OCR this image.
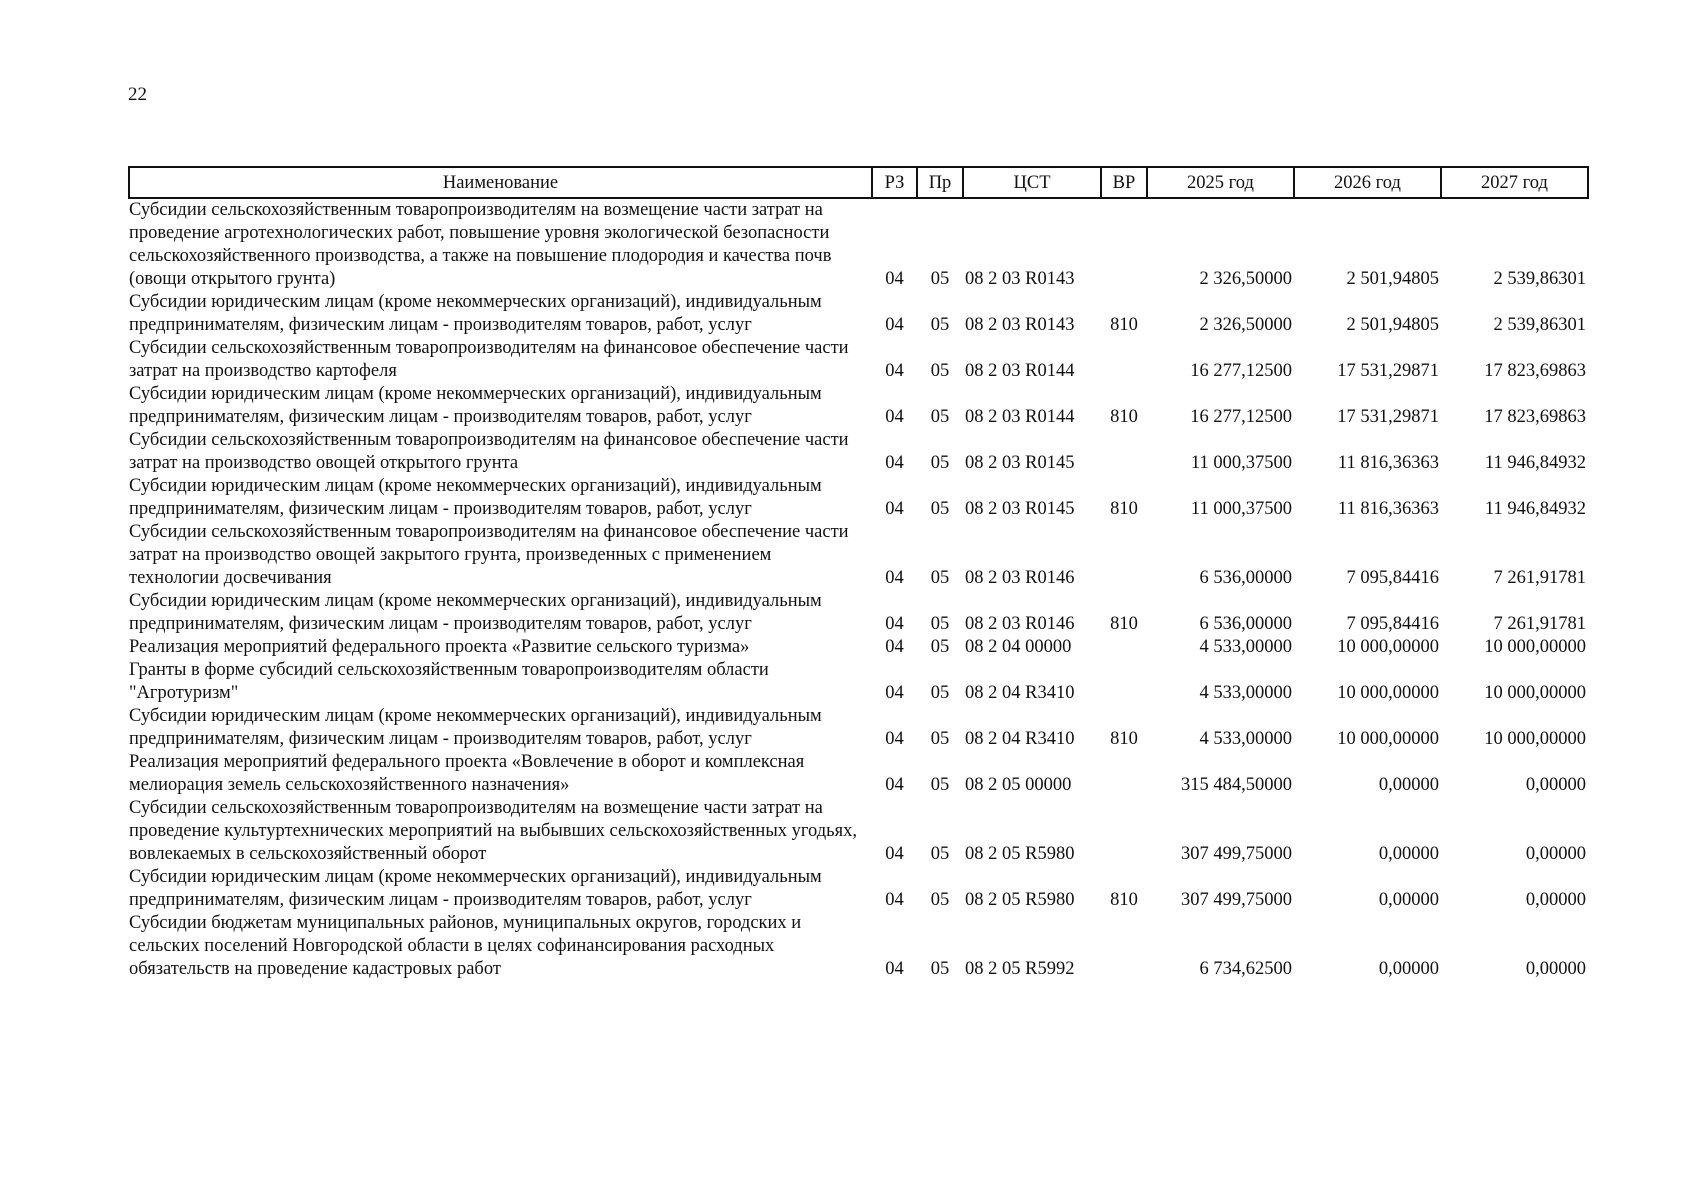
22
Наименование	РЗ	Пр	ЦСТ	ВР	2025 год	2026 год	2027 год
Субсидии сельскохозяйственным товаропроизводителям на возмещение части затрат на проведение агротехнологических работ, повышение уровня экологической безопасности сельскохозяйственного производства, а также на повышение плодородия и качества почв (овощи открытого грунта)	04	05	08 2 03 R0143		2 326,50000	2 501,94805	2 539,86301
Субсидии юридическим лицам (кроме некоммерческих организаций), индивидуальным предпринимателям, физическим лицам - производителям товаров, работ, услуг	04	05	08 2 03 R0143	810	2 326,50000	2 501,94805	2 539,86301
Субсидии сельскохозяйственным товаропроизводителям на финансовое обеспечение части затрат на производство картофеля	04	05	08 2 03 R0144		16 277,12500	17 531,29871	17 823,69863
Субсидии юридическим лицам (кроме некоммерческих организаций), индивидуальным предпринимателям, физическим лицам - производителям товаров, работ, услуг	04	05	08 2 03 R0144	810	16 277,12500	17 531,29871	17 823,69863
Субсидии сельскохозяйственным товаропроизводителям на финансовое обеспечение части затрат на производство овощей открытого грунта	04	05	08 2 03 R0145		11 000,37500	11 816,36363	11 946,84932
Субсидии юридическим лицам (кроме некоммерческих организаций), индивидуальным предпринимателям, физическим лицам - производителям товаров, работ, услуг	04	05	08 2 03 R0145	810	11 000,37500	11 816,36363	11 946,84932
Субсидии сельскохозяйственным товаропроизводителям на финансовое обеспечение части затрат на производство овощей закрытого грунта, произведенных с применением технологии досвечивания	04	05	08 2 03 R0146		6 536,00000	7 095,84416	7 261,91781
Субсидии юридическим лицам (кроме некоммерческих организаций), индивидуальным предпринимателям, физическим лицам - производителям товаров, работ, услуг	04	05	08 2 03 R0146	810	6 536,00000	7 095,84416	7 261,91781
Реализация мероприятий федерального проекта «Развитие сельского туризма»	04	05	08 2 04 00000		4 533,00000	10 000,00000	10 000,00000
Гранты в форме субсидий сельскохозяйственным товаропроизводителям области "Агротуризм"	04	05	08 2 04 R3410		4 533,00000	10 000,00000	10 000,00000
Субсидии юридическим лицам (кроме некоммерческих организаций), индивидуальным предпринимателям, физическим лицам - производителям товаров, работ, услуг	04	05	08 2 04 R3410	810	4 533,00000	10 000,00000	10 000,00000
Реализация мероприятий федерального проекта «Вовлечение в оборот и комплексная мелиорация земель сельскохозяйственного назначения»	04	05	08 2 05 00000		315 484,50000	0,00000	0,00000
Субсидии сельскохозяйственным товаропроизводителям на возмещение части затрат на проведение культуртехнических мероприятий на выбывших сельскохозяйственных угодьях, вовлекаемых в сельскохозяйственный оборот	04	05	08 2 05 R5980		307 499,75000	0,00000	0,00000
Субсидии юридическим лицам (кроме некоммерческих организаций), индивидуальным предпринимателям, физическим лицам - производителям товаров, работ, услуг	04	05	08 2 05 R5980	810	307 499,75000	0,00000	0,00000
Субсидии бюджетам муниципальных районов, муниципальных округов, городских и сельских поселений Новгородской области в целях софинансирования расходных обязательств на проведение кадастровых работ	04	05	08 2 05 R5992		6 734,62500	0,00000	0,00000
